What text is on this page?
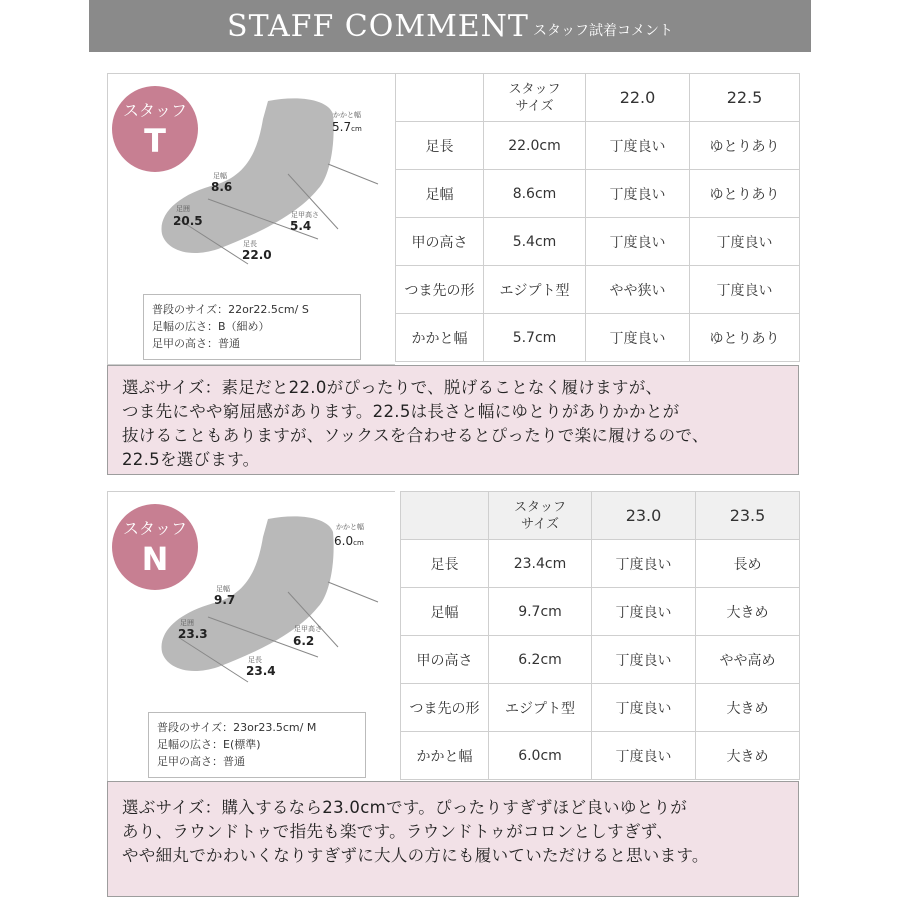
STAFF COMMENT スタッフ試着コメント
スタッフ
T
かかと幅
5.7cm
足幅
8.6
足囲
20.5	足甲高さ
5.4
足長
22.0
普段のサイズ：22or22.5cm/ S
足幅の広さ：B（細め）
足甲の高さ：普通
	スタッフ
サイズ	22.0	22.5
足長	22.0cm	丁度良い	ゆとりあり
足幅	8.6cm	丁度良い	ゆとりあり
甲の高さ	5.4cm	丁度良い	丁度良い
つま先の形	エジプト型	やや狭い	丁度良い
かかと幅	5.7cm	丁度良い	ゆとりあり
選ぶサイズ：素足だと22.0がぴったりで、脱げることなく履けますが、
つま先にやや窮屈感があります。22.5は長さと幅にゆとりがありかかとが
抜けることもありますが、ソックスを合わせるとぴったりで楽に履けるので、
22.5を選びます。
スタッフ
N
かかと幅
6.0cm
足幅
9.7
足囲
23.3	足甲高さ
6.2
足長
23.4
普段のサイズ：23or23.5cm/ M
足幅の広さ：E(標準)
足甲の高さ：普通
	スタッフ
サイズ	23.0	23.5
足長	23.4cm	丁度良い	長め
足幅	9.7cm	丁度良い	大きめ
甲の高さ	6.2cm	丁度良い	やや高め
つま先の形	エジプト型	丁度良い	大きめ
かかと幅	6.0cm	丁度良い	大きめ
選ぶサイズ：購入するなら23.0cmです。ぴったりすぎずほど良いゆとりが
あり、ラウンドトゥで指先も楽です。ラウンドトゥがコロンとしすぎず、
やや細丸でかわいくなりすぎずに大人の方にも履いていただけると思います。
